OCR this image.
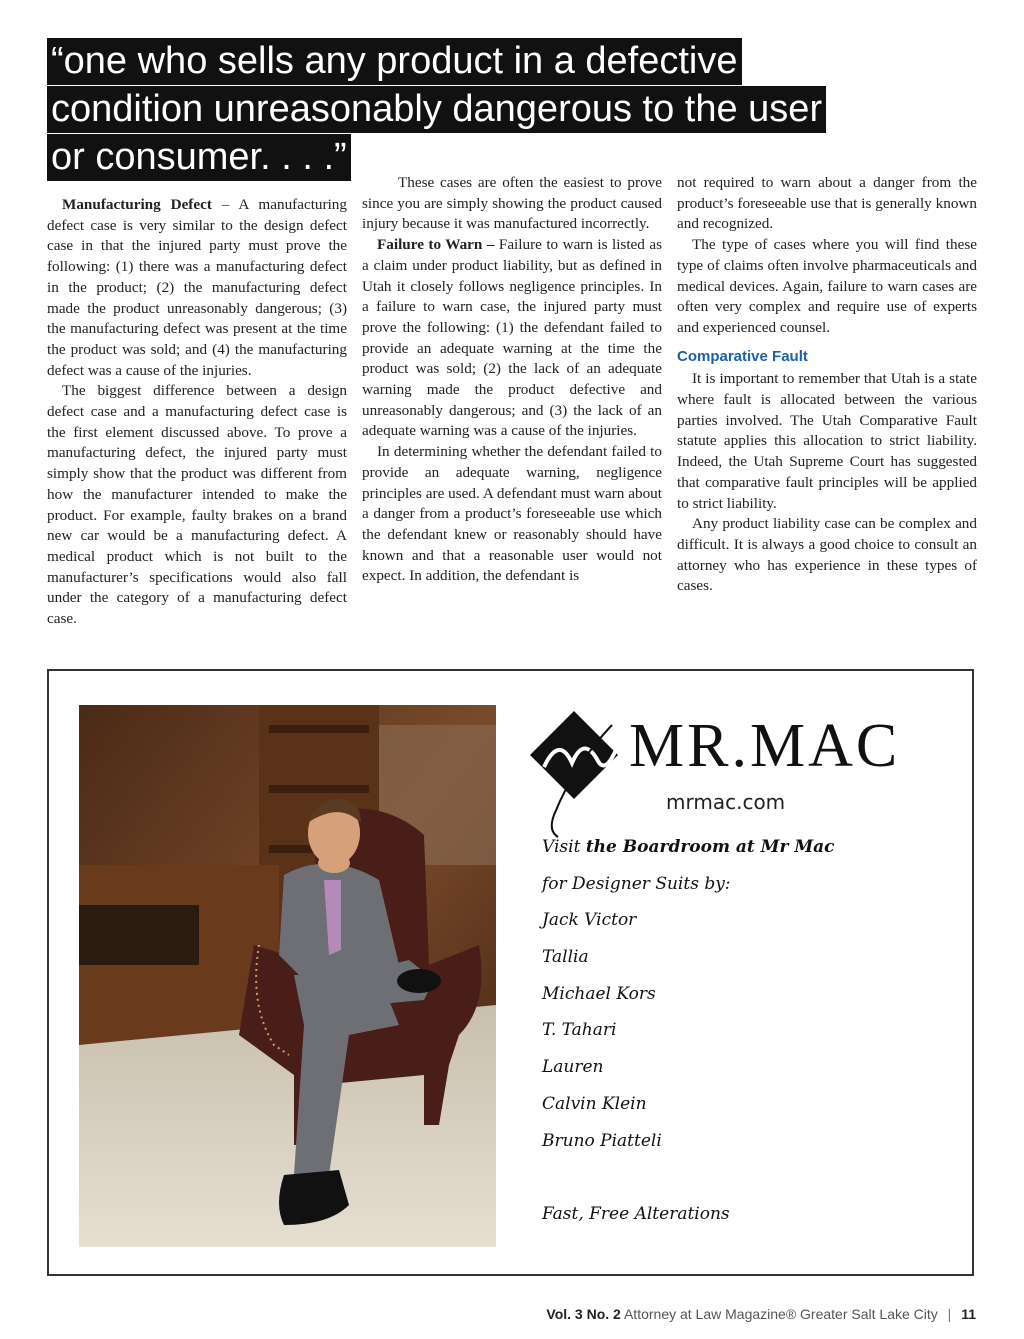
“one who sells any product in a defective
condition unreasonably dangerous to the user
or consumer. . . .”

Manufacturing Defect – A manufacturing defect case is very similar to the design defect case in that the injured party must prove the following: (1) there was a manufacturing defect in the product; (2) the manufacturing defect made the product unreasonably dangerous; (3) the manufacturing defect was present at the time the product was sold; and (4) the manufacturing defect was a cause of the injuries.

The biggest difference between a design defect case and a manufacturing defect case is the first element discussed above. To prove a manufacturing defect, the injured party must simply show that the product was different from how the manufacturer intended to make the product. For example, faulty brakes on a brand new car would be a manufacturing defect. A medical product which is not built to the manufacturer’s specifications would also fall under the category of a manufacturing defect case.

These cases are often the easiest to prove since you are simply showing the product caused injury because it was manufactured incorrectly.

Failure to Warn – Failure to warn is listed as a claim under product liability, but as defined in Utah it closely follows negligence principles. In a failure to warn case, the injured party must prove the following: (1) the defendant failed to provide an adequate warning at the time the product was sold; (2) the lack of an adequate warning made the product defective and unreasonably dangerous; and (3) the lack of an adequate warning was a cause of the injuries.

In determining whether the defendant failed to provide an adequate warning, negligence principles are used. A defendant must warn about a danger from a product’s foreseeable use which the defendant knew or reasonably should have known and that a reasonable user would not expect. In addition, the defendant is

not required to warn about a danger from the product’s foreseeable use that is generally known and recognized.

The type of cases where you will find these type of claims often involve pharmaceuticals and medical devices. Again, failure to warn cases are often very complex and require use of experts and experienced counsel.

Comparative Fault

It is important to remember that Utah is a state where fault is allocated between the various parties involved. The Utah Comparative Fault statute applies this allocation to strict liability. Indeed, the Utah Supreme Court has suggested that comparative fault principles will be applied to strict liability.

Any product liability case can be complex and difficult. It is always a good choice to consult an attorney who has experience in these types of cases.

MR.MAC
mrmac.com
Visit the Boardroom at Mr Mac
for Designer Suits by:
Jack Victor
Tallia
Michael Kors
T. Tahari
Lauren
Calvin Klein
Bruno Piatteli
Fast, Free Alterations
Vol. 3 No. 2 Attorney at Law Magazine® Greater Salt Lake City | 11
